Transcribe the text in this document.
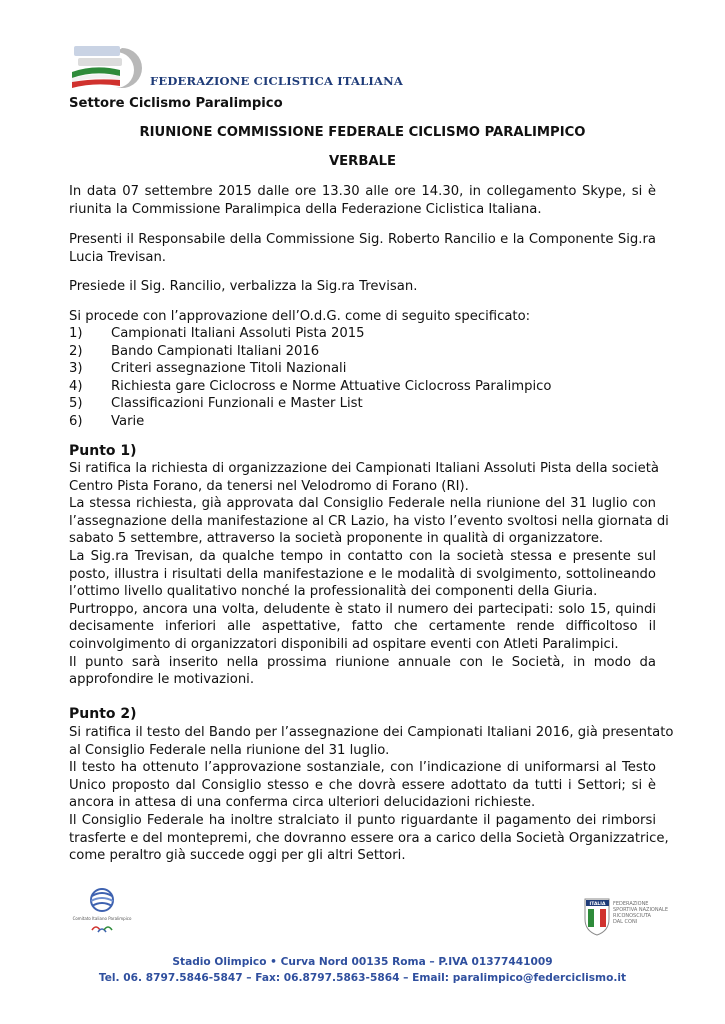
FEDERAZIONE CICLISTICA ITALIANA
Settore Ciclismo Paralimpico
RIUNIONE COMMISSIONE FEDERALE CICLISMO PARALIMPICO
VERBALE
In data 07 settembre 2015 dalle ore 13.30 alle ore 14.30, in collegamento Skype, si è
riunita la Commissione Paralimpica della Federazione Ciclistica Italiana.
Presenti il Responsabile della Commissione Sig. Roberto Rancilio e la Componente Sig.ra
Lucia Trevisan.
Presiede il Sig. Rancilio, verbalizza la Sig.ra Trevisan.
Si procede con l’approvazione dell’O.d.G. come di seguito specificato:
1) Campionati Italiani Assoluti Pista 2015
2) Bando Campionati Italiani 2016
3) Criteri assegnazione Titoli Nazionali
4) Richiesta gare Ciclocross e Norme Attuative Ciclocross Paralimpico
5) Classificazioni Funzionali e Master List
6) Varie
Punto 1)
Si ratifica la richiesta di organizzazione dei Campionati Italiani Assoluti Pista della società
Centro Pista Forano, da tenersi nel Velodromo di Forano (RI).
La stessa richiesta, già approvata dal Consiglio Federale nella riunione del 31 luglio con
l’assegnazione della manifestazione al CR Lazio, ha visto l’evento svoltosi nella giornata di
sabato 5 settembre, attraverso la società proponente in qualità di organizzatore.
La Sig.ra Trevisan, da qualche tempo in contatto con la società stessa e presente sul
posto, illustra i risultati della manifestazione e le modalità di svolgimento, sottolineando
l’ottimo livello qualitativo nonché la professionalità dei componenti della Giuria.
Purtroppo, ancora una volta, deludente è stato il numero dei partecipati: solo 15, quindi
decisamente inferiori alle aspettative, fatto che certamente rende difficoltoso il
coinvolgimento di organizzatori disponibili ad ospitare eventi con Atleti Paralimpici.
Il punto sarà inserito nella prossima riunione annuale con le Società, in modo da
approfondire le motivazioni.
Punto 2)
Si ratifica il testo del Bando per l’assegnazione dei Campionati Italiani 2016, già presentato
al Consiglio Federale nella riunione del 31 luglio.
Il testo ha ottenuto l’approvazione sostanziale, con l’indicazione di uniformarsi al Testo
Unico proposto dal Consiglio stesso e che dovrà essere adottato da tutti i Settori; si è
ancora in attesa di una conferma circa ulteriori delucidazioni richieste.
Il Consiglio Federale ha inoltre stralciato il punto riguardante il pagamento dei rimborsi
trasferte e del montepremi, che dovranno essere ora a carico della Società Organizzatrice,
come peraltro già succede oggi per gli altri Settori.
Comitato Italiano Paralimpico
ITALIA FEDERAZIONE
SPORTIVA NAZIONALE
RICONOSCIUTA
DAL CONI
Stadio Olimpico • Curva Nord 00135 Roma – P.IVA 01377441009
Tel. 06. 8797.5846-5847 – Fax: 06.8797.5863-5864 – Email: paralimpico@federciclismo.it
